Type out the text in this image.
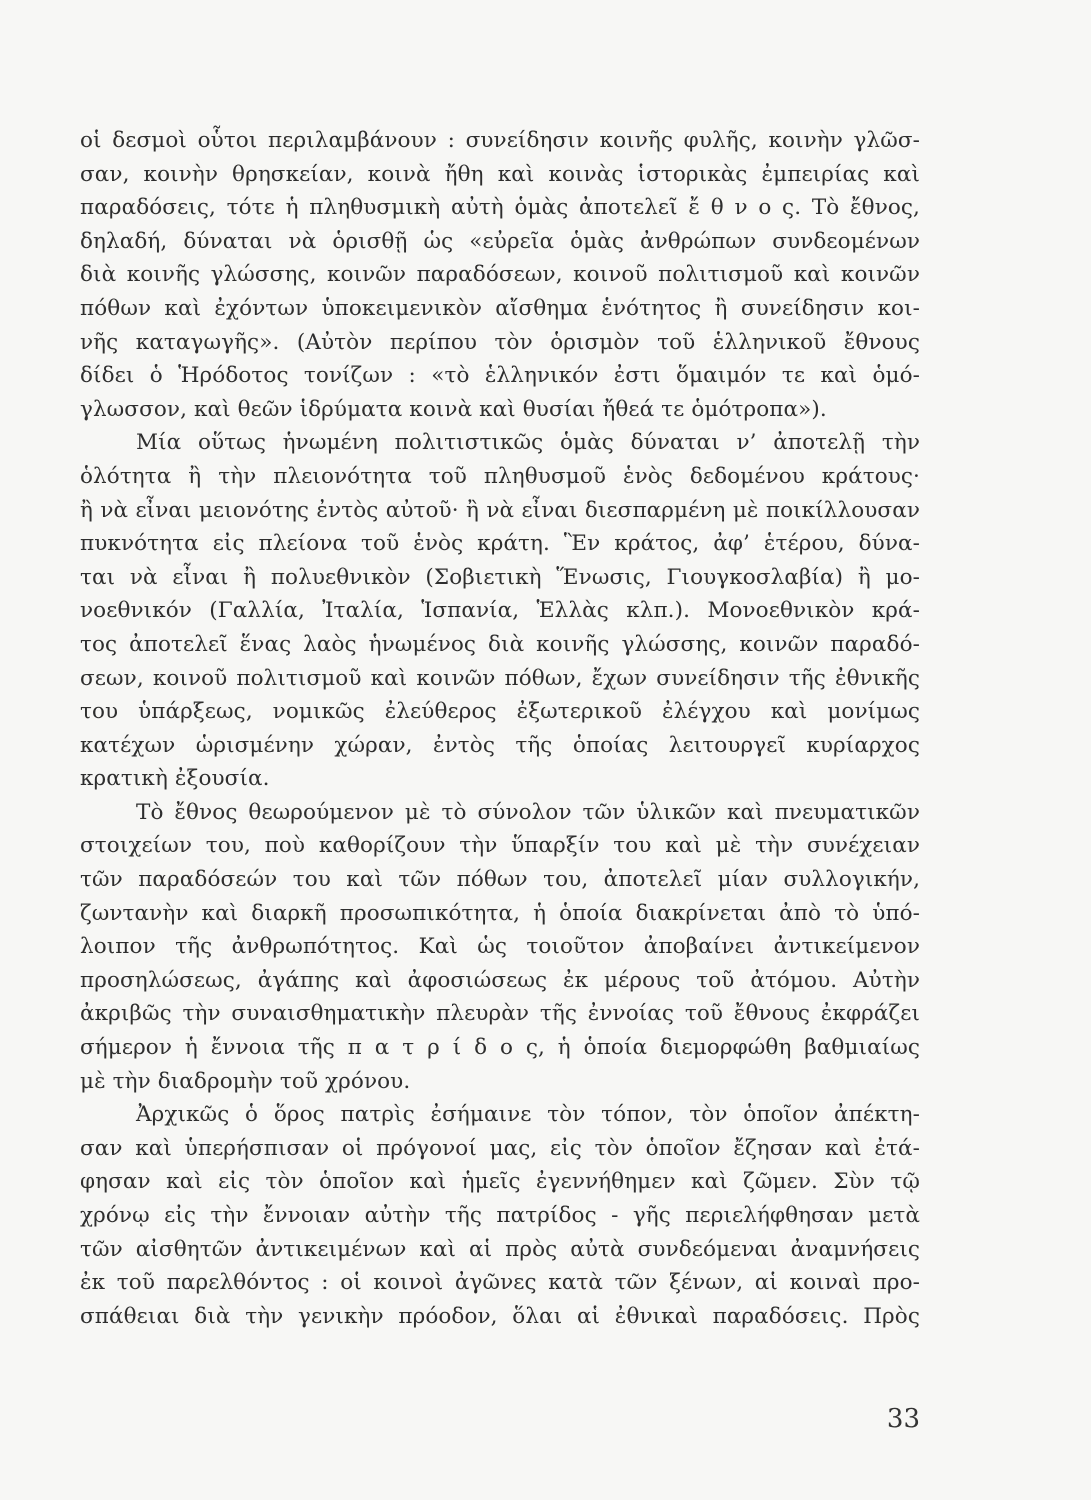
οἱ δεσμοὶ οὗτοι περιλαμβάνουν : συνείδησιν κοινῆς φυλῆς, κοινὴν γλῶσ-
σαν, κοινὴν θρησκείαν, κοινὰ ἤθη καὶ κοινὰς ἱστορικὰς ἐμπειρίας καὶ
παραδόσεις, τότε ἡ πληθυσμικὴ αὐτὴ ὁμὰς ἀποτελεῖ ἔ θ ν ο ς. Τὸ ἔθνος,
δηλαδή, δύναται νὰ ὁρισθῇ ὡς «εὐρεῖα ὁμὰς ἀνθρώπων συνδεομένων
διὰ κοινῆς γλώσσης, κοινῶν παραδόσεων, κοινοῦ πολιτισμοῦ καὶ κοινῶν
πόθων καὶ ἐχόντων ὑποκειμενικὸν αἴσθημα ἑνότητος ἢ συνείδησιν κοι-
νῆς καταγωγῆς». (Αὐτὸν περίπου τὸν ὁρισμὸν τοῦ ἑλληνικοῦ ἔθνους
δίδει ὁ Ἡρόδοτος τονίζων : «τὸ ἑλληνικόν ἐστι ὅμαιμόν τε καὶ ὁμό-
γλωσσον, καὶ θεῶν ἱδρύματα κοινὰ καὶ θυσίαι ἤθεά τε ὁμότροπα»).
Μία οὕτως ἡνωμένη πολιτιστικῶς ὁμὰς δύναται ν’ ἀποτελῇ τὴν
ὁλότητα ἢ τὴν πλειονότητα τοῦ πληθυσμοῦ ἑνὸς δεδομένου κράτους·
ἢ νὰ εἶναι μειονότης ἐντὸς αὐτοῦ· ἢ νὰ εἶναι διεσπαρμένη μὲ ποικίλλουσαν
πυκνότητα εἰς πλείονα τοῦ ἑνὸς κράτη. Ἓν κράτος, ἀφ’ ἑτέρου, δύνα-
ται νὰ εἶναι ἢ πολυεθνικὸν (Σοβιετικὴ Ἕνωσις, Γιουγκοσλαβία) ἢ μο-
νοεθνικόν (Γαλλία, Ἰταλία, Ἱσπανία, Ἑλλὰς κλπ.). Μονοεθνικὸν κρά-
τος ἀποτελεῖ ἕνας λαὸς ἡνωμένος διὰ κοινῆς γλώσσης, κοινῶν παραδό-
σεων, κοινοῦ πολιτισμοῦ καὶ κοινῶν πόθων, ἔχων συνείδησιν τῆς ἐθνικῆς
του ὑπάρξεως, νομικῶς ἐλεύθερος ἐξωτερικοῦ ἐλέγχου καὶ μονίμως
κατέχων ὡρισμένην χώραν, ἐντὸς τῆς ὁποίας λειτουργεῖ κυρίαρχος
κρατικὴ ἐξουσία.
Τὸ ἔθνος θεωρούμενον μὲ τὸ σύνολον τῶν ὑλικῶν καὶ πνευματικῶν
στοιχείων του, ποὺ καθορίζουν τὴν ὕπαρξίν του καὶ μὲ τὴν συνέχειαν
τῶν παραδόσεών του καὶ τῶν πόθων του, ἀποτελεῖ μίαν συλλογικήν,
ζωντανὴν καὶ διαρκῆ προσωπικότητα, ἡ ὁποία διακρίνεται ἀπὸ τὸ ὑπό-
λοιπον τῆς ἀνθρωπότητος. Καὶ ὡς τοιοῦτον ἀποβαίνει ἀντικείμενον
προσηλώσεως, ἀγάπης καὶ ἀφοσιώσεως ἐκ μέρους τοῦ ἀτόμου. Αὐτὴν
ἀκριβῶς τὴν συναισθηματικὴν πλευρὰν τῆς ἐννοίας τοῦ ἔθνους ἐκφράζει
σήμερον ἡ ἔννοια τῆς π α τ ρ ί δ ο ς, ἡ ὁποία διεμορφώθη βαθμιαίως
μὲ τὴν διαδρομὴν τοῦ χρόνου.
Ἀρχικῶς ὁ ὅρος πατρὶς ἐσήμαινε τὸν τόπον, τὸν ὁποῖον ἀπέκτη-
σαν καὶ ὑπερήσπισαν οἱ πρόγονοί μας, εἰς τὸν ὁποῖον ἔζησαν καὶ ἐτά-
φησαν καὶ εἰς τὸν ὁποῖον καὶ ἡμεῖς ἐγεννήθημεν καὶ ζῶμεν. Σὺν τῷ
χρόνῳ εἰς τὴν ἔννοιαν αὐτὴν τῆς πατρίδος - γῆς περιελήφθησαν μετὰ
τῶν αἰσθητῶν ἀντικειμένων καὶ αἱ πρὸς αὐτὰ συνδεόμεναι ἀναμνήσεις
ἐκ τοῦ παρελθόντος : οἱ κοινοὶ ἀγῶνες κατὰ τῶν ξένων, αἱ κοιναὶ προ-
σπάθειαι διὰ τὴν γενικὴν πρόοδον, ὅλαι αἱ ἐθνικαὶ παραδόσεις. Πρὸς
33
